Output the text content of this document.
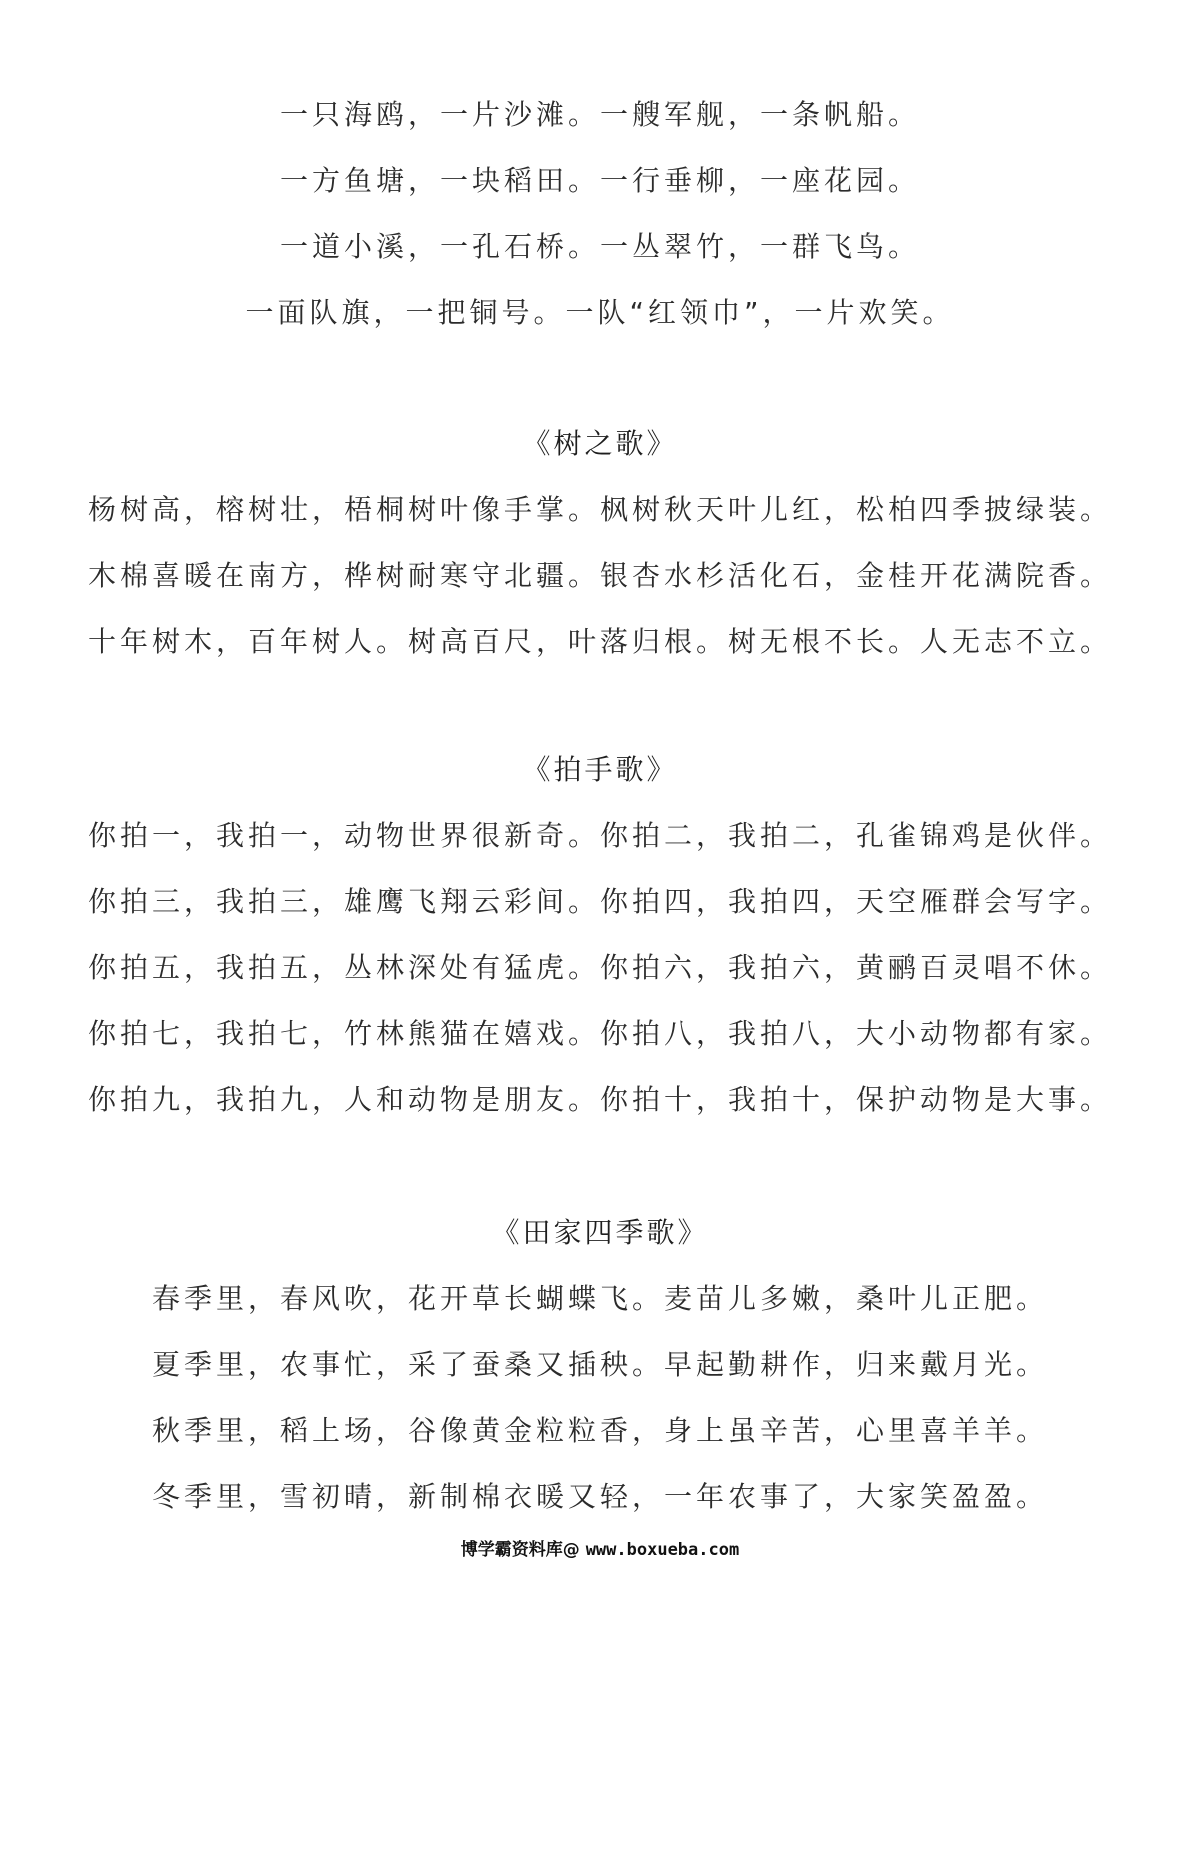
一只海鸥，一片沙滩。一艘军舰，一条帆船。
一方鱼塘，一块稻田。一行垂柳，一座花园。
一道小溪，一孔石桥。一丛翠竹，一群飞鸟。
一面队旗，一把铜号。一队“红领巾”，一片欢笑。
《树之歌》
杨树高，榕树壮，梧桐树叶像手掌。枫树秋天叶儿红，松柏四季披绿装。
木棉喜暖在南方，桦树耐寒守北疆。银杏水杉活化石，金桂开花满院香。
十年树木，百年树人。树高百尺，叶落归根。树无根不长。人无志不立。
《拍手歌》
你拍一，我拍一，动物世界很新奇。你拍二，我拍二，孔雀锦鸡是伙伴。
你拍三，我拍三，雄鹰飞翔云彩间。你拍四，我拍四，天空雁群会写字。
你拍五，我拍五，丛林深处有猛虎。你拍六，我拍六，黄鹂百灵唱不休。
你拍七，我拍七，竹林熊猫在嬉戏。你拍八，我拍八，大小动物都有家。
你拍九，我拍九，人和动物是朋友。你拍十，我拍十，保护动物是大事。
《田家四季歌》
春季里，春风吹，花开草长蝴蝶飞。麦苗儿多嫩，桑叶儿正肥。
夏季里，农事忙，采了蚕桑又插秧。早起勤耕作，归来戴月光。
秋季里，稻上场，谷像黄金粒粒香，身上虽辛苦，心里喜羊羊。
冬季里，雪初晴，新制棉衣暖又轻，一年农事了，大家笑盈盈。
博学霸资料库@ www.boxueba.com
